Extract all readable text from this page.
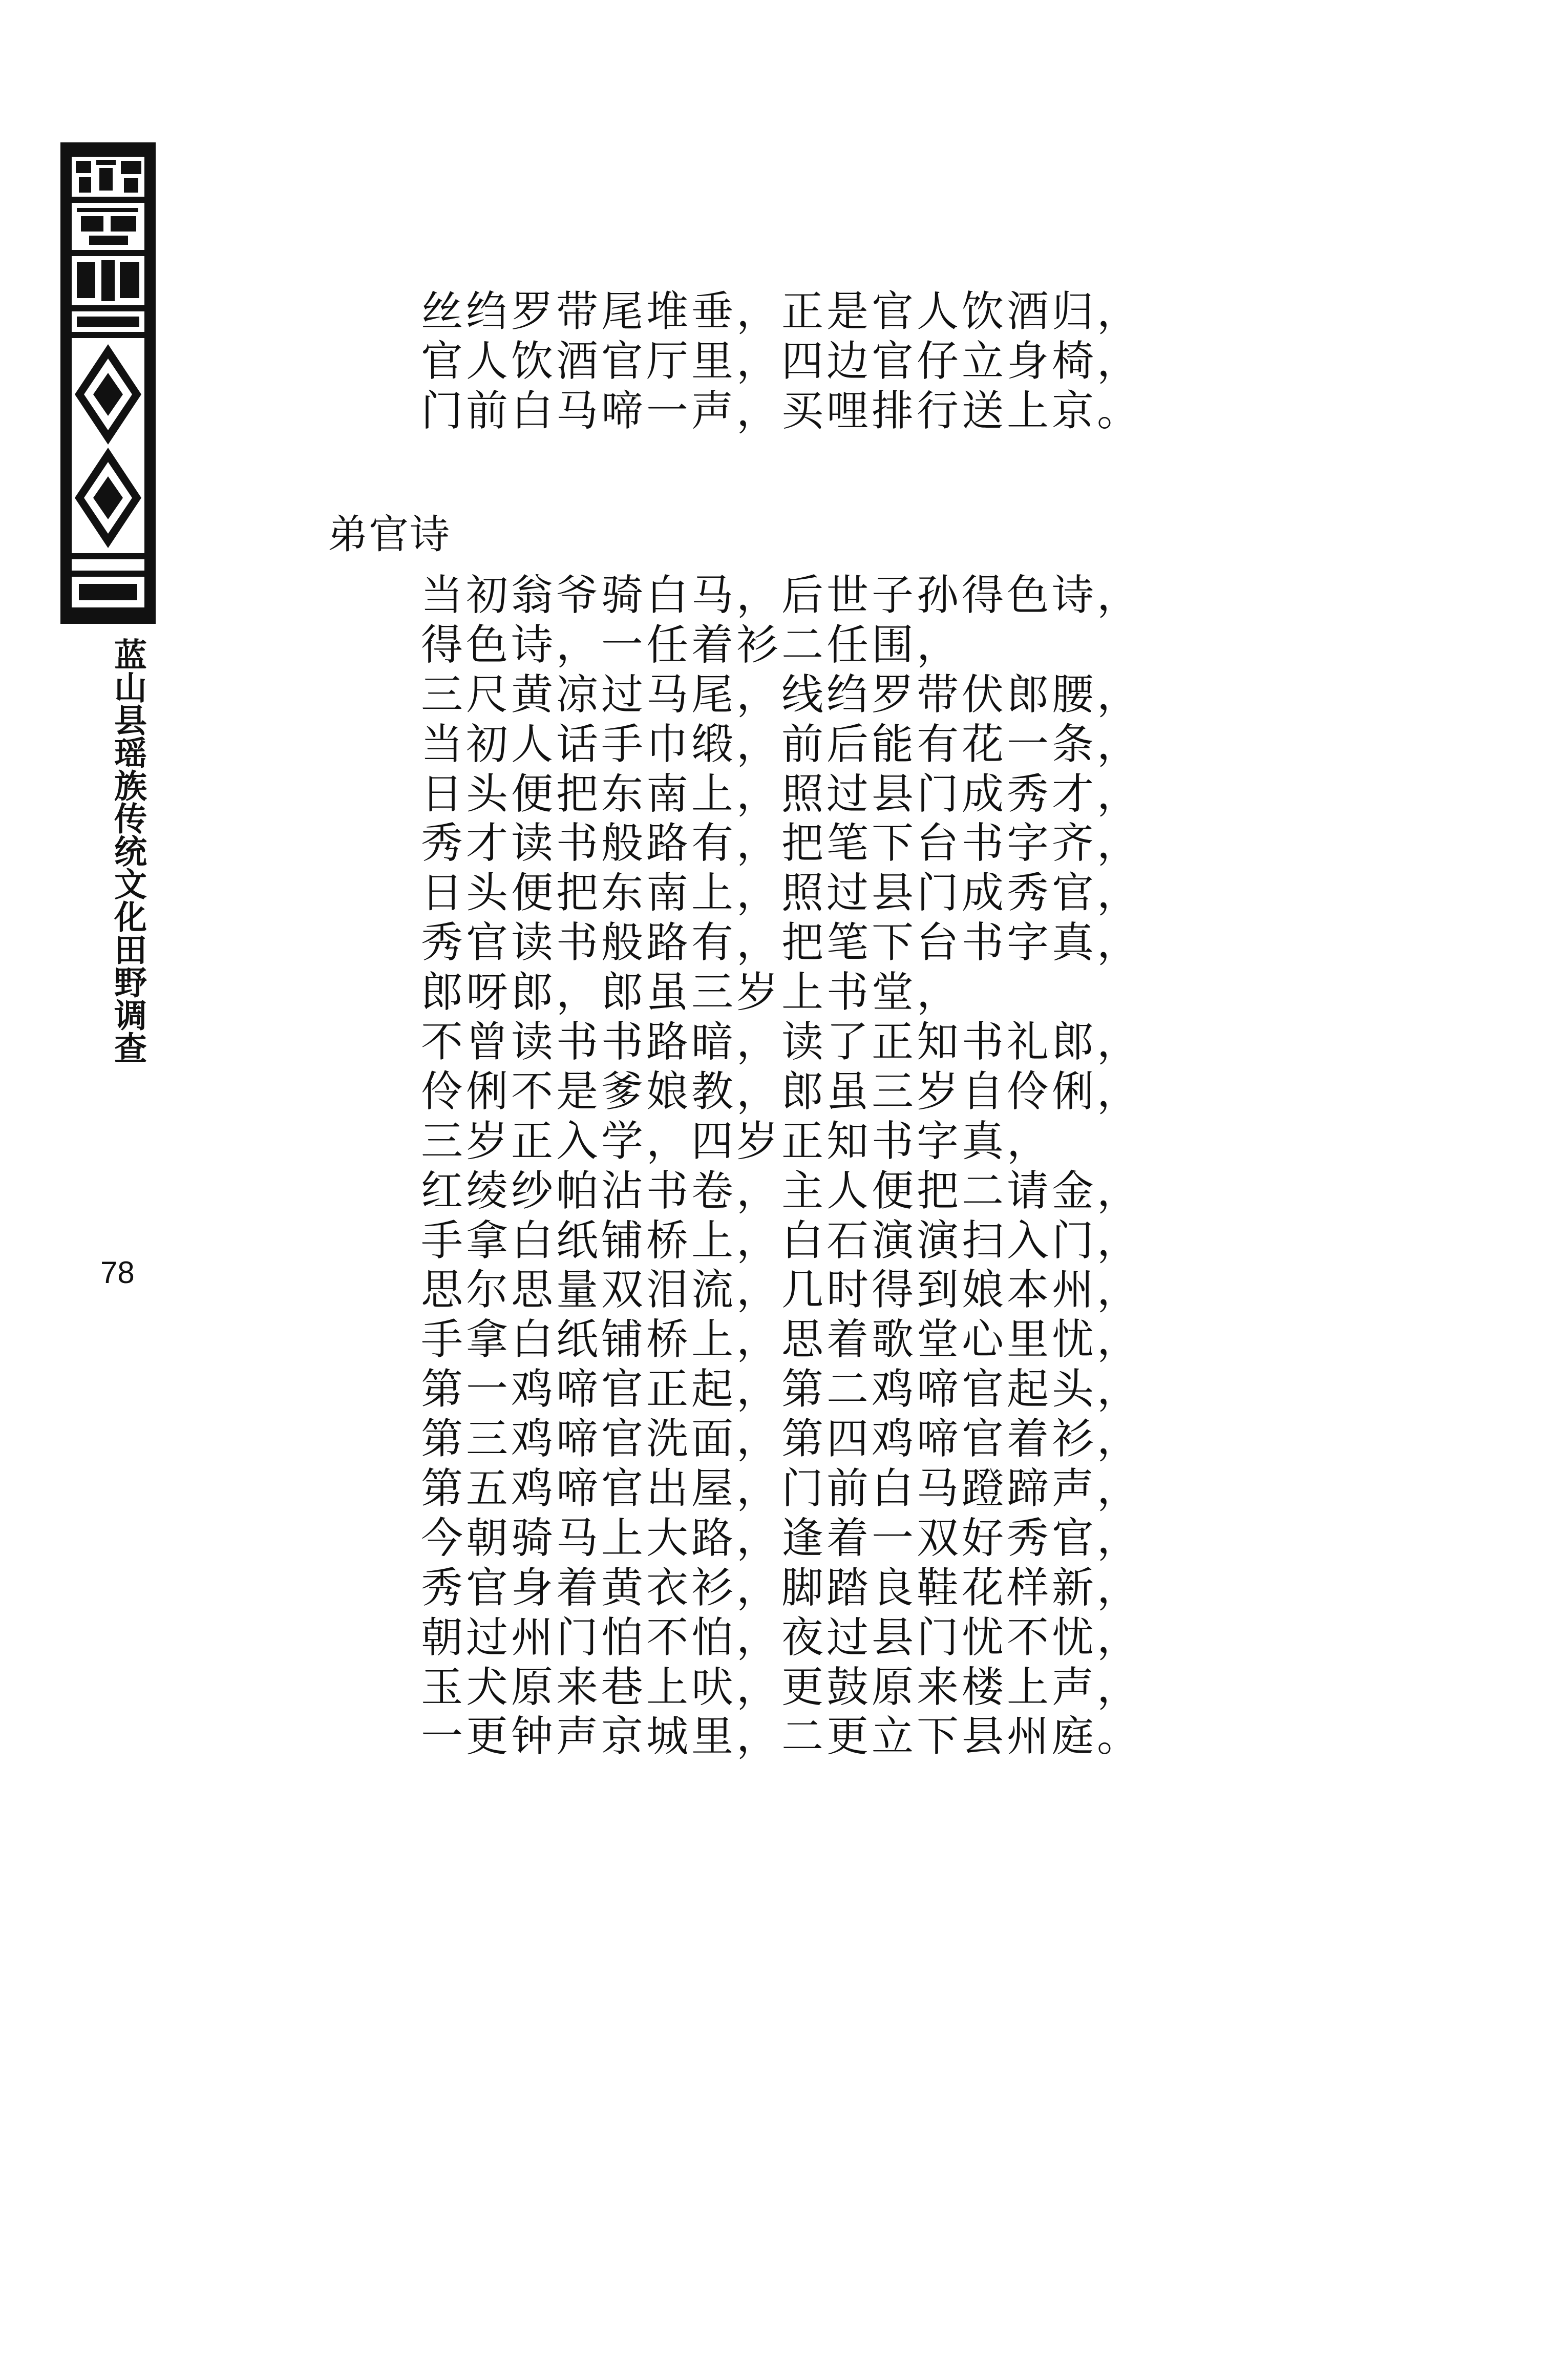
蓝山县瑶族传统文化田野调查
78
丝绉罗带尾堆垂，正是官人饮酒归，
官人饮酒官厅里，四边官仔立身椅，
门前白马啼一声，买哩排行送上京。
弟官诗
当初翁爷骑白马，后世子孙得色诗，
得色诗，一任着衫二任围，
三尺黄凉过马尾，线绉罗带伏郎腰，
当初人话手巾缎，前后能有花一条，
日头便把东南上，照过县门成秀才，
秀才读书般路有，把笔下台书字齐，
日头便把东南上，照过县门成秀官，
秀官读书般路有，把笔下台书字真，
郎呀郎，郎虽三岁上书堂，
不曾读书书路暗，读了正知书礼郎，
伶俐不是爹娘教，郎虽三岁自伶俐，
三岁正入学，四岁正知书字真，
红绫纱帕沾书卷，主人便把二请金，
手拿白纸铺桥上，白石演演扫入门，
思尔思量双泪流，几时得到娘本州，
手拿白纸铺桥上，思着歌堂心里忧，
第一鸡啼官正起，第二鸡啼官起头，
第三鸡啼官洗面，第四鸡啼官着衫，
第五鸡啼官出屋，门前白马蹬蹄声，
今朝骑马上大路，逢着一双好秀官，
秀官身着黄衣衫，脚踏良鞋花样新，
朝过州门怕不怕，夜过县门忧不忧，
玉犬原来巷上吠，更鼓原来楼上声，
一更钟声京城里，二更立下县州庭。
